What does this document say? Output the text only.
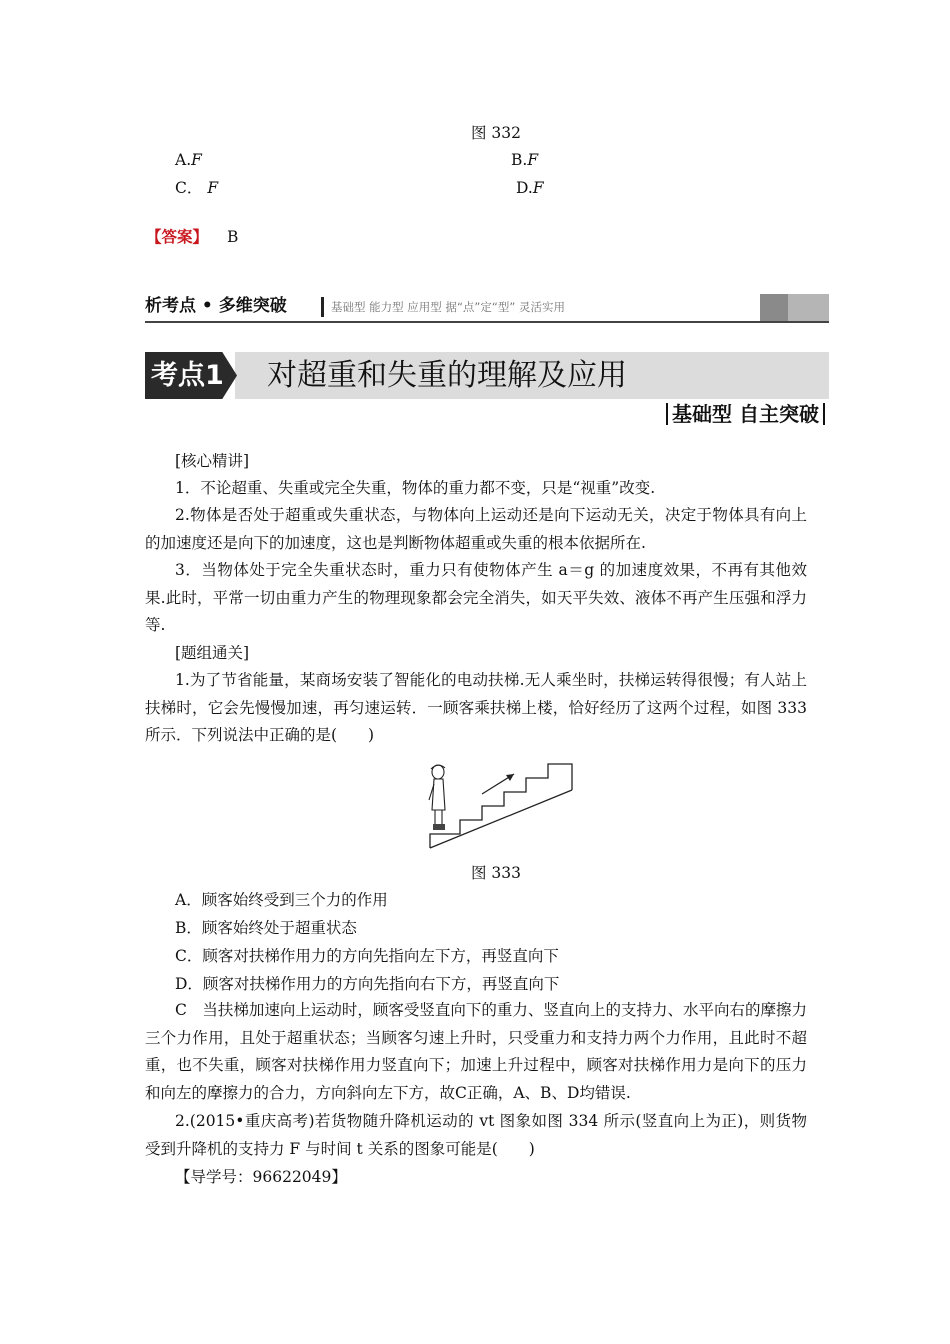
图 332
A.F	B.F
C． F	D.F
【答案】 B
析考点 • 多维突破	基础型 能力型 应用型 据“点”定“型” 灵活实用
考点1 对超重和失重的理解及应用
基础型 自主突破
[核心精讲]
1．不论超重、失重或完全失重，物体的重力都不变，只是“视重”改变.
2.物体是否处于超重或失重状态，与物体向上运动还是向下运动无关，决定于物体具有向上的加速度还是向下的加速度，这也是判断物体超重或失重的根本依据所在.
3．当物体处于完全失重状态时，重力只有使物体产生 a＝g 的加速度效果，不再有其他效果.此时，平常一切由重力产生的物理现象都会完全消失，如天平失效、液体不再产生压强和浮力等.
[题组通关]
1.为了节省能量，某商场安装了智能化的电动扶梯.无人乘坐时，扶梯运转得很慢；有人站上扶梯时，它会先慢慢加速，再匀速运转．一顾客乘扶梯上楼，恰好经历了这两个过程，如图 333 所示．下列说法中正确的是(　　)
图 333
A．顾客始终受到三个力的作用
B．顾客始终处于超重状态
C．顾客对扶梯作用力的方向先指向左下方，再竖直向下
D．顾客对扶梯作用力的方向先指向右下方，再竖直向下
C　当扶梯加速向上运动时，顾客受竖直向下的重力、竖直向上的支持力、水平向右的摩擦力三个力作用，且处于超重状态；当顾客匀速上升时，只受重力和支持力两个力作用，且此时不超重，也不失重，顾客对扶梯作用力竖直向下；加速上升过程中，顾客对扶梯作用力是向下的压力和向左的摩擦力的合力，方向斜向左下方，故C正确，A、B、D均错误.
2.(2015•重庆高考)若货物随升降机运动的 vt 图象如图 334 所示(竖直向上为正)，则货物受到升降机的支持力 F 与时间 t 关系的图象可能是(　　)
【导学号：96622049】
